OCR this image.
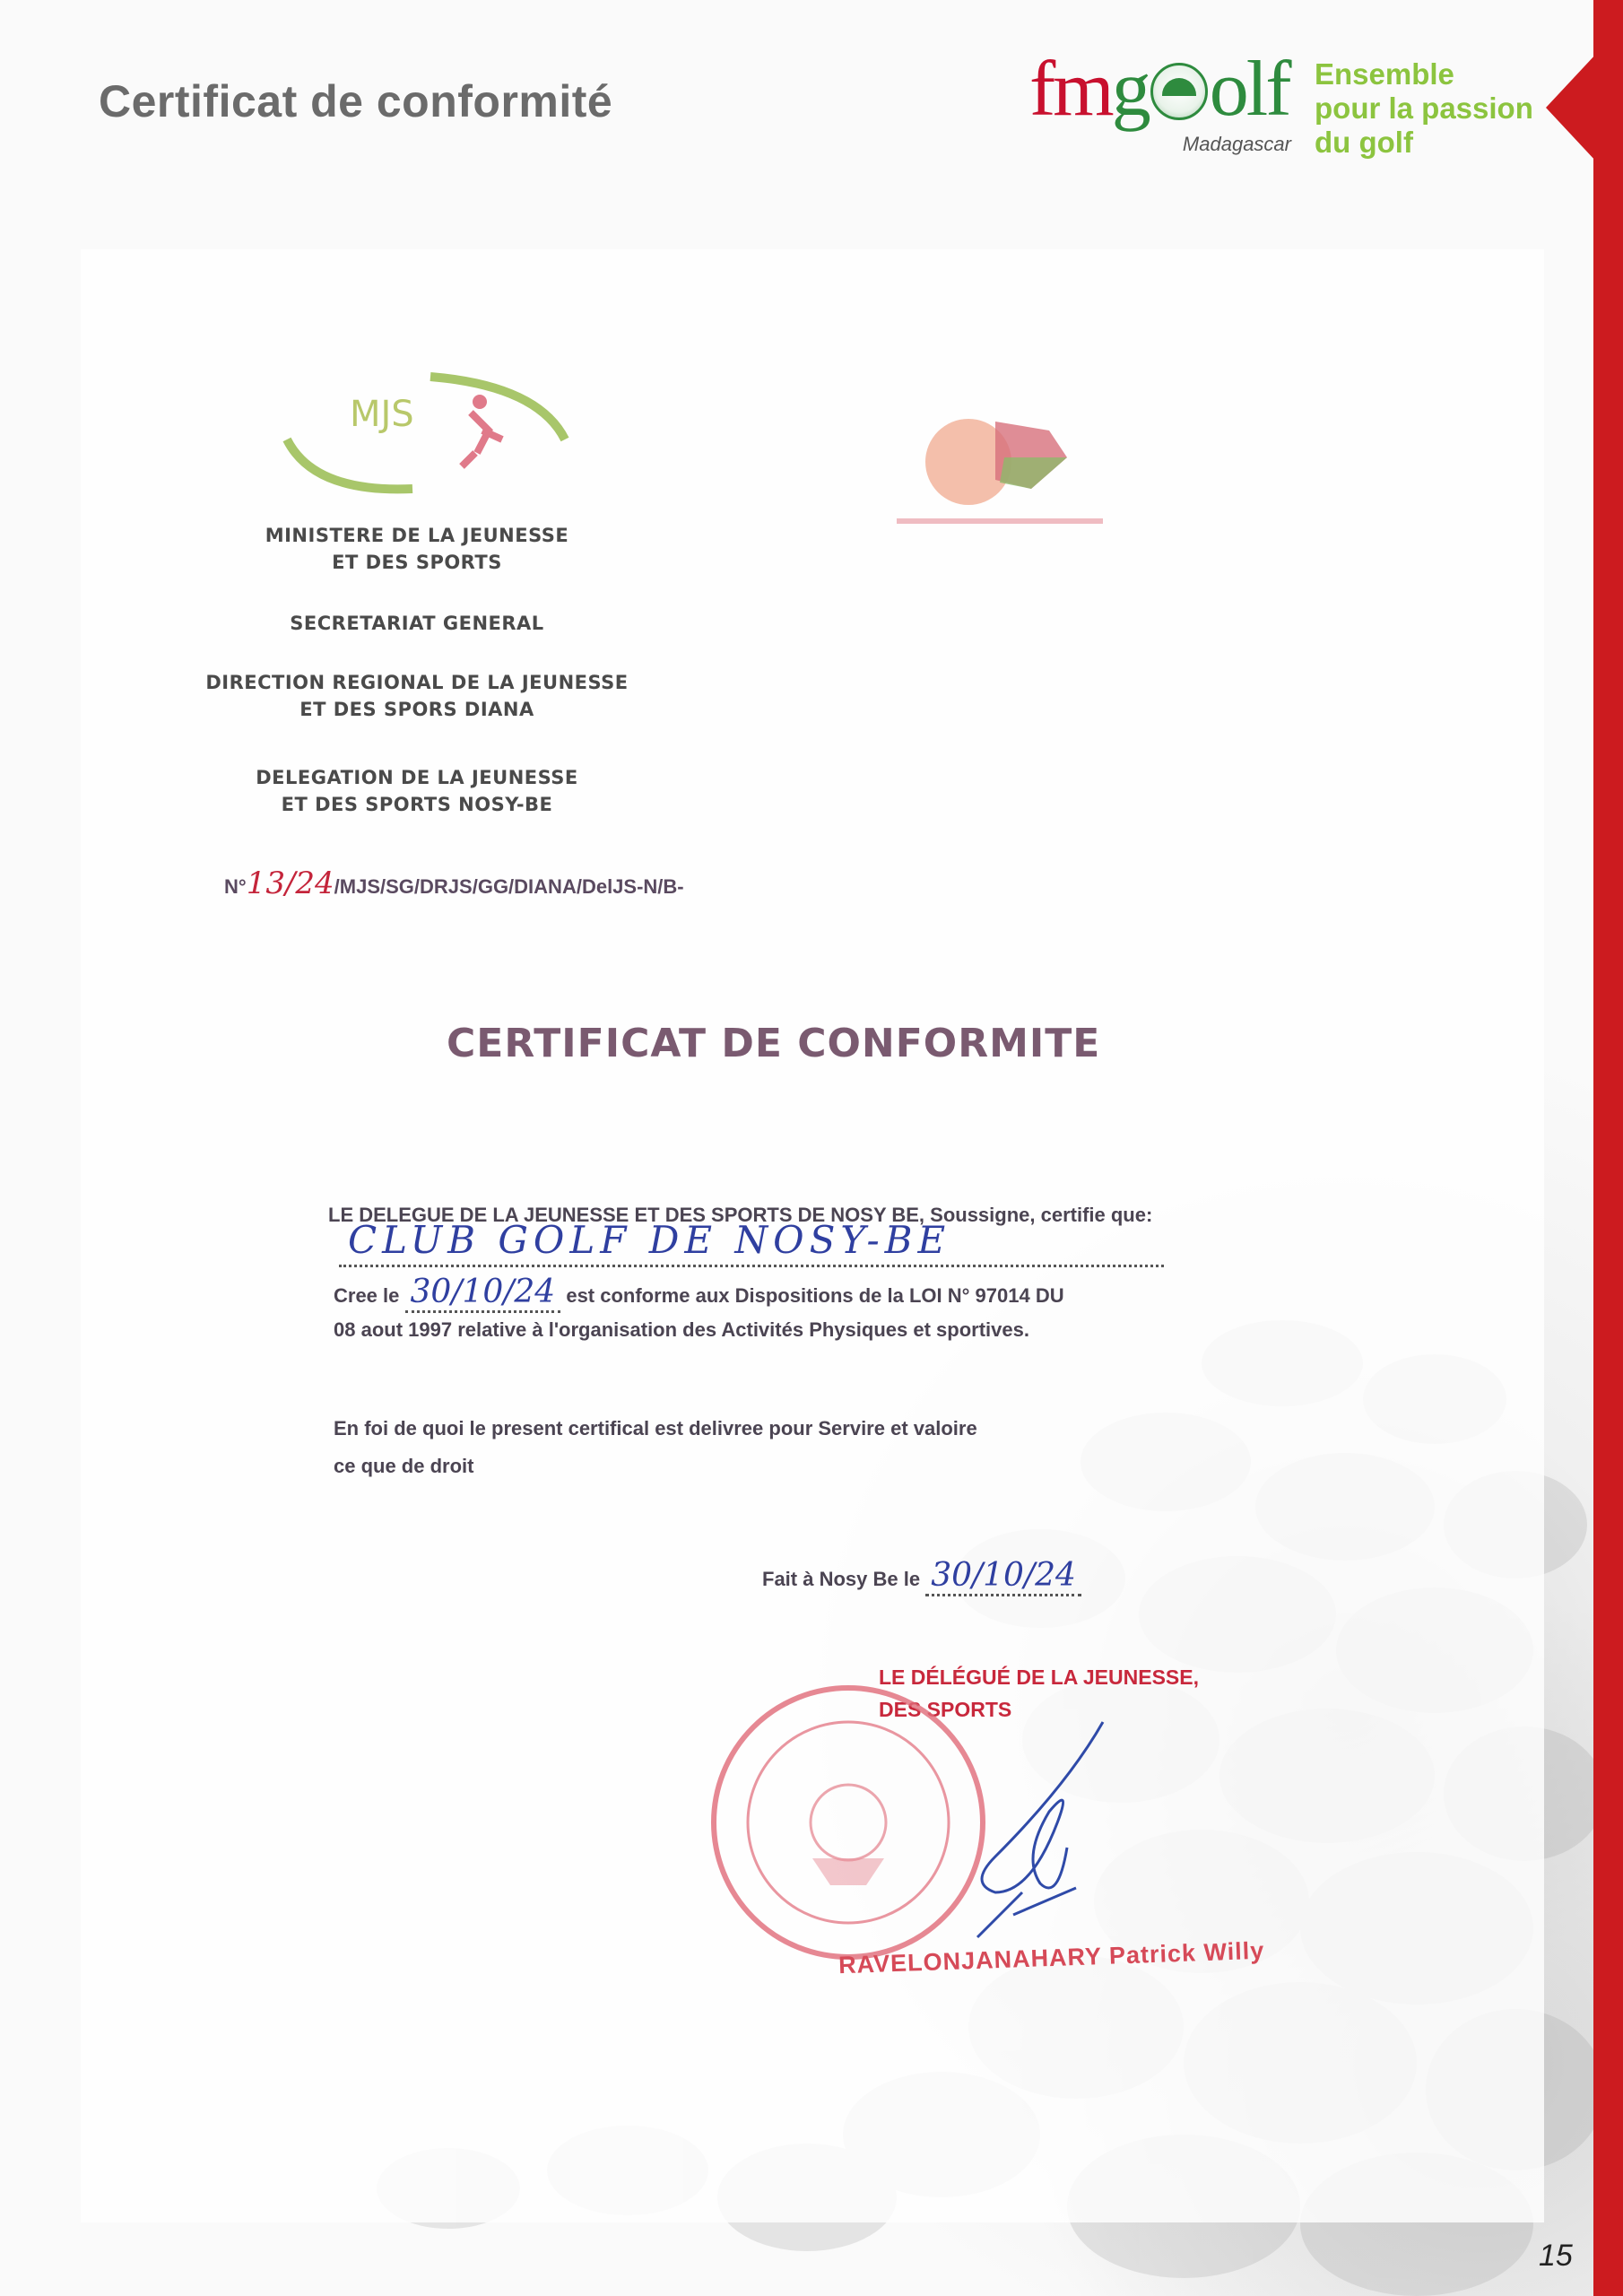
Certificat de conformité	fmg olf
Madagascar
Ensemble
pour la passion
du golf
MJS
MINISTERE DE LA JEUNESSE
ET DES SPORTS
SECRETARIAT GENERAL
DIRECTION REGIONAL DE LA JEUNESSE
ET DES SPORS DIANA
DELEGATION DE LA JEUNESSE
ET DES SPORTS NOSY-BE
N°13/24/MJS/SG/DRJS/GG/DIANA/DelJS-N/B-
CERTIFICAT DE CONFORMITE
LE DELEGUE DE LA JEUNESSE ET DES SPORTS DE NOSY BE, Soussigne, certifie que:
CLUB GOLF DE NOSY-BE
Cree le 30/10/24 est conforme aux Dispositions de la LOI N° 97014 DU
08 aout 1997 relative à l'organisation des Activités Physiques et sportives.
En foi de quoi le present certifical est delivree pour Servire et valoire
ce que de droit
Fait à Nosy Be le 30/10/24
LE DÉLÉGUÉ DE LA JEUNESSE,
DES SPORTS
RAVELONJANAHARY Patrick Willy
15
